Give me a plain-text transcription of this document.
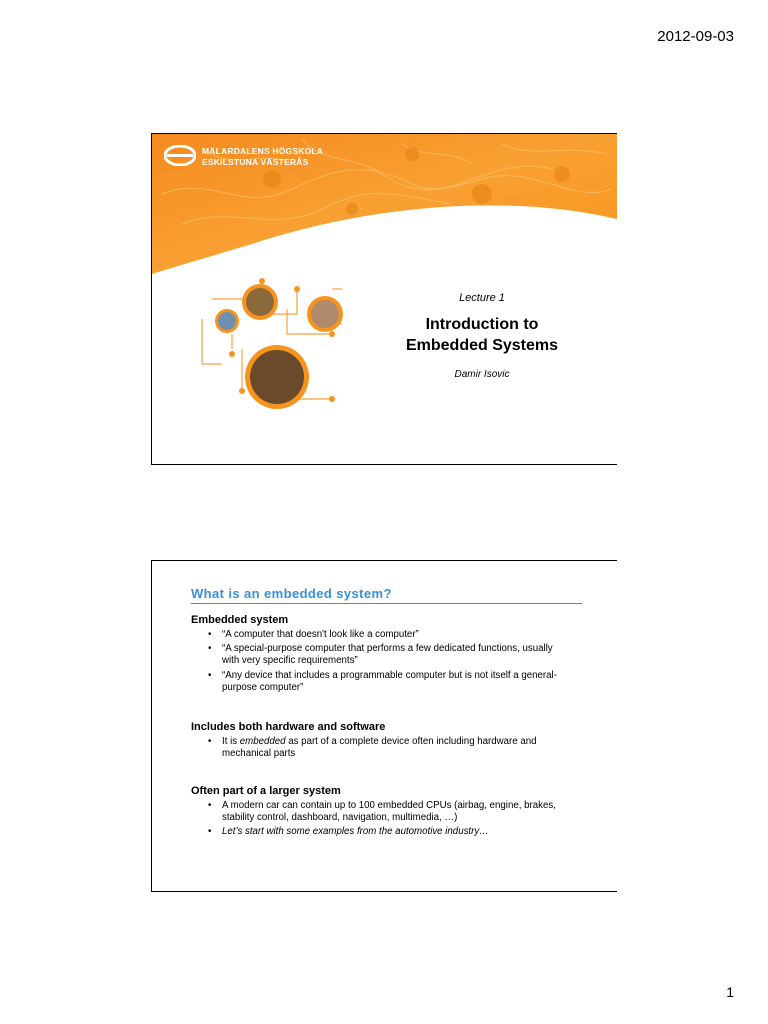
2012-09-03
MÄLARDALENS HÖGSKOLA
ESKILSTUNA VÄSTERÅS
Lecture 1
Introduction to
Embedded Systems
Damir Isovic
What is an embedded system?
Embedded system
• “A computer that doesn't look like a computer”
• “A special-purpose computer that performs a few dedicated functions, usually with very specific requirements”
• “Any device that includes a programmable computer but is not itself a general-purpose computer”
Includes both hardware and software
• It is embedded as part of a complete device often including hardware and mechanical parts
Often part of a larger system
• A modern car can contain up to 100 embedded CPUs (airbag, engine, brakes, stability control, dashboard, navigation, multimedia, …)
• Let’s start with some examples from the automotive industry…
1
